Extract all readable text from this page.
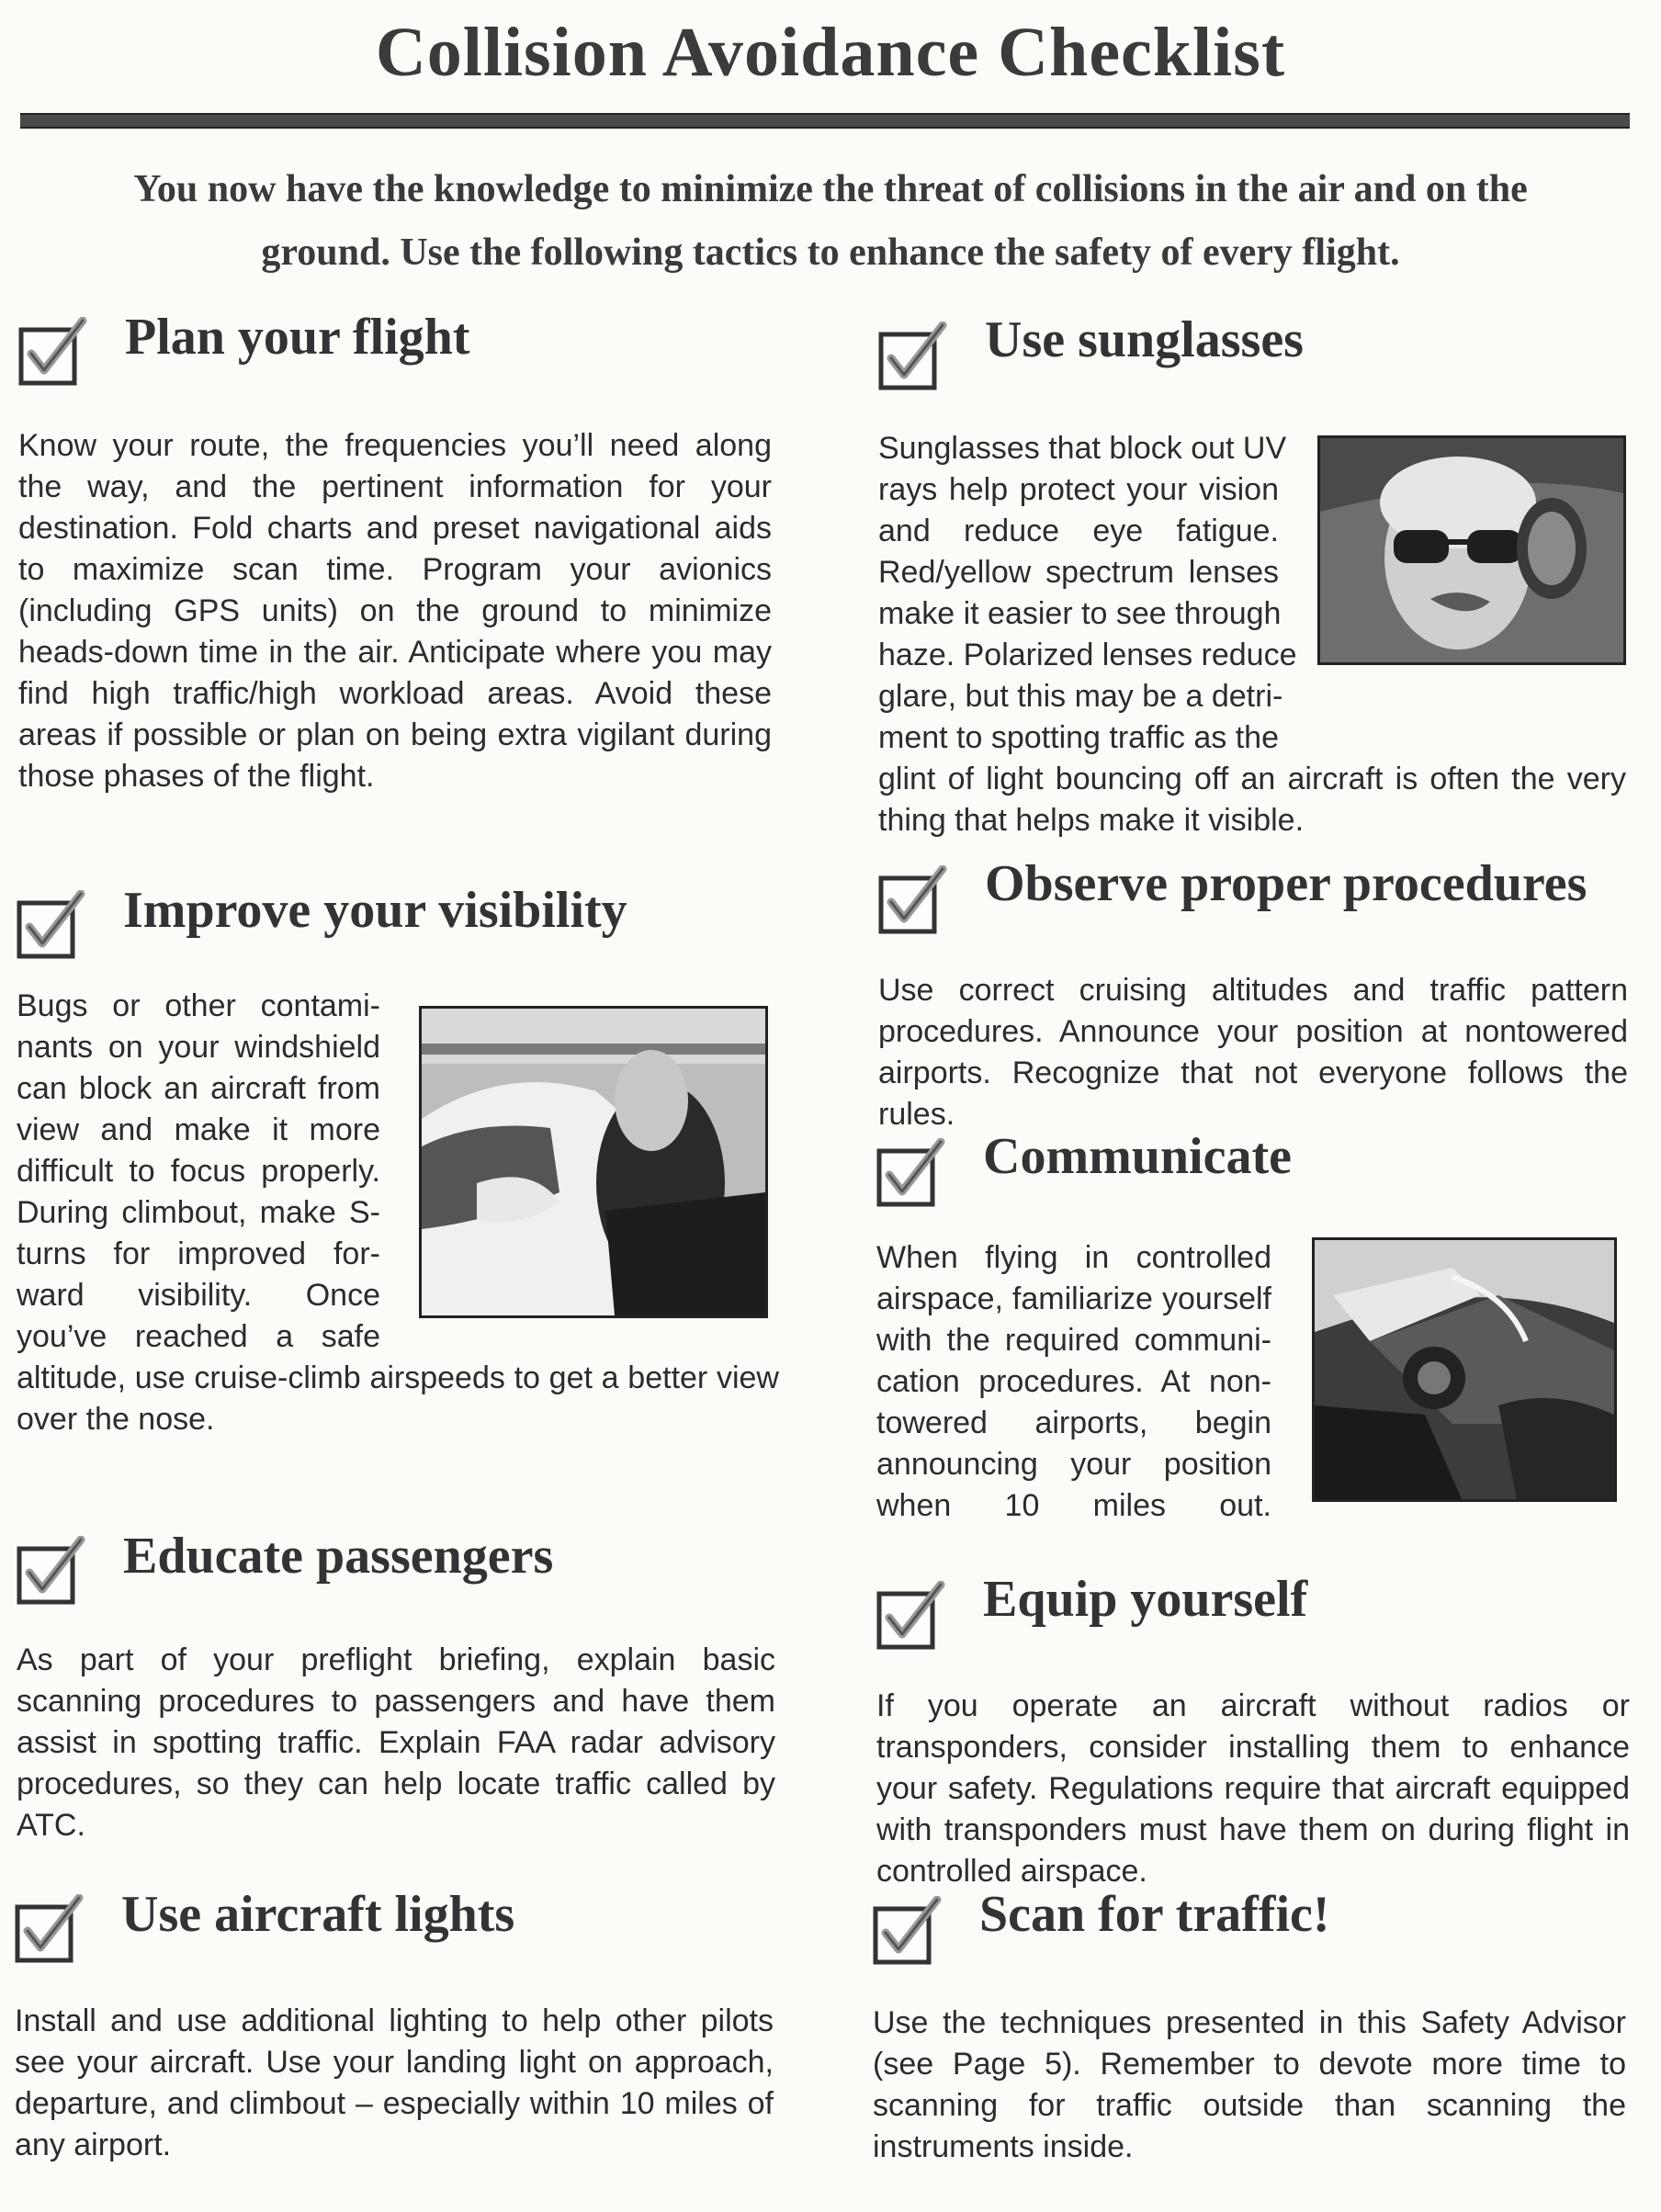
Collision Avoidance Checklist
You now have the knowledge to minimize the threat of collisions in the air and on the
ground. Use the following tactics to enhance the safety of every flight.
Plan your flight
Know your route, the frequencies you’ll need along the way, and the pertinent information for your destination. Fold charts and preset navigational aids to maximize scan time. Program your avionics (including GPS units) on the ground to minimize heads-down time in the air. Anticipate where you may find high traffic/high workload areas. Avoid these areas if possible or plan on being extra vigilant during those phases of the flight.
Improve your visibility
Bugs or other contami-
nants on your windshield
can block an aircraft from
view and make it more
difficult to focus properly.
During climbout, make S-
turns for improved for-
ward visibility. Once
you’ve reached a safe
altitude, use cruise-climb airspeeds to get a better view over the nose.
Educate passengers
As part of your preflight briefing, explain basic scanning procedures to passengers and have them assist in spotting traffic. Explain FAA radar advisory procedures, so they can help locate traffic called by ATC.
Use aircraft lights
Install and use additional lighting to help other pilots see your aircraft. Use your landing light on approach, departure, and climbout – especially within 10 miles of any airport.
Use sunglasses
Sunglasses that block out UV
rays help protect your vision
and reduce eye fatigue.
Red/yellow spectrum lenses
make it easier to see through
haze. Polarized lenses reduce
glare, but this may be a detri-
ment to spotting traffic as the
glint of light bouncing off an aircraft is often the very thing that helps make it visible.
Observe proper procedures
Use correct cruising altitudes and traffic pattern procedures. Announce your position at nontowered airports. Recognize that not everyone follows the rules.
Communicate
When flying in controlled
airspace, familiarize yourself
with the required communi-
cation procedures. At non-
towered airports, begin
announcing your position
when 10 miles out.
Equip yourself
If you operate an aircraft without radios or transponders, consider installing them to enhance your safety. Regulations require that aircraft equipped with transponders must have them on during flight in controlled airspace.
Scan for traffic!
Use the techniques presented in this Safety Advisor (see Page 5). Remember to devote more time to scanning for traffic outside than scanning the instruments inside.
